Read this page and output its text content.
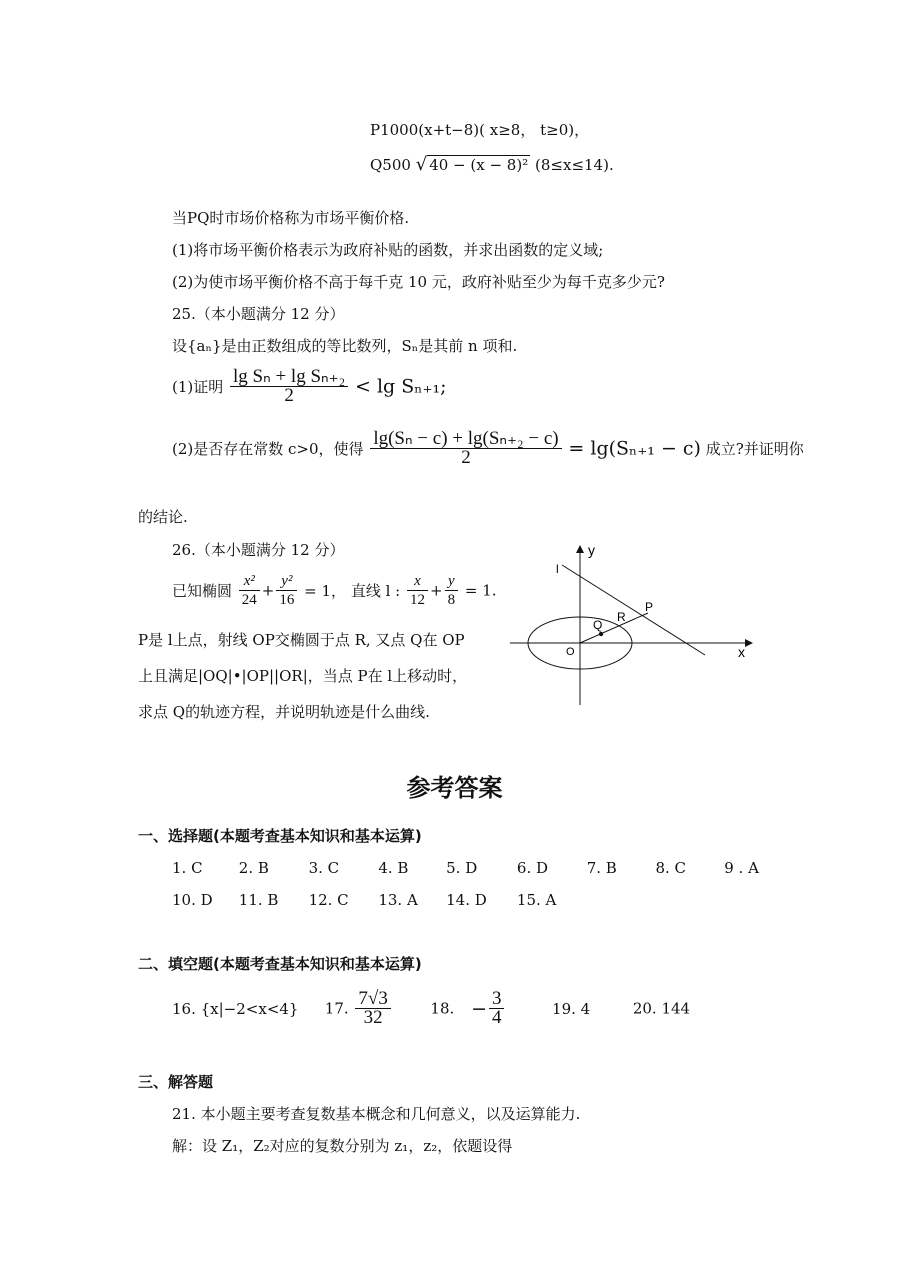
P1000(x+t−8)( x≥8， t≥0)，
Q500 √ 40 − (x − 8)² (8≤x≤14).
当PQ时市场价格称为市场平衡价格.
(1)将市场平衡价格表示为政府补贴的函数，并求出函数的定义域;
(2)为使市场平衡价格不高于每千克 10 元，政府补贴至少为每千克多少元?
25.（本小题满分 12 分）
设{aₙ}是由正数组成的等比数列，Sₙ是其前 n 项和.
(1)证明 $\frac{\text{lg Sₙ + lg Sₙ₊₂}}{2} < \lg S_{n+1}$;
(2)是否存在常数 c>0，使得 $\frac{\text{lg(Sₙ − c) + lg(Sₙ₊₂ − c)}}{2} = \lg(S_{n+1} - c)$ 成立?并证明你
的结论.
26.（本小题满分 12 分）
已知椭圆 $\frac{\text{x²}}{24} + \frac{\text{y²}}{16} = 1$， 直线 l : $\frac{x}{12} + \frac{y}{8} = 1$.
P是 l上点，射线 OP交椭圆于点 R, 又点 Q在 OP
上且满足|OQ|•|OP||OR|，当点 P在 l上移动时，
求点 Q的轨迹方程，并说明轨迹是什么曲线.
y
x
O
l
P
R
Q
参考答案
一、选择题(本题考查基本知识和基本运算)
1. C 2. B	3. C	4. B	5. D	6. D	7. B	8. C	9 . A
10. D 11. B 12. C 13. A 14. D 15. A
二、填空题(本题考查基本知识和基本运算)
16. {x|−2<x<4} 17. $\frac{7√3}{32}$	18. − $\frac{3}{4}$	19. 4	20. 144
三、解答题
21. 本小题主要考查复数基本概念和几何意义，以及运算能力.
解：设 Z₁，Z₂对应的复数分别为 z₁，z₂，依题设得
